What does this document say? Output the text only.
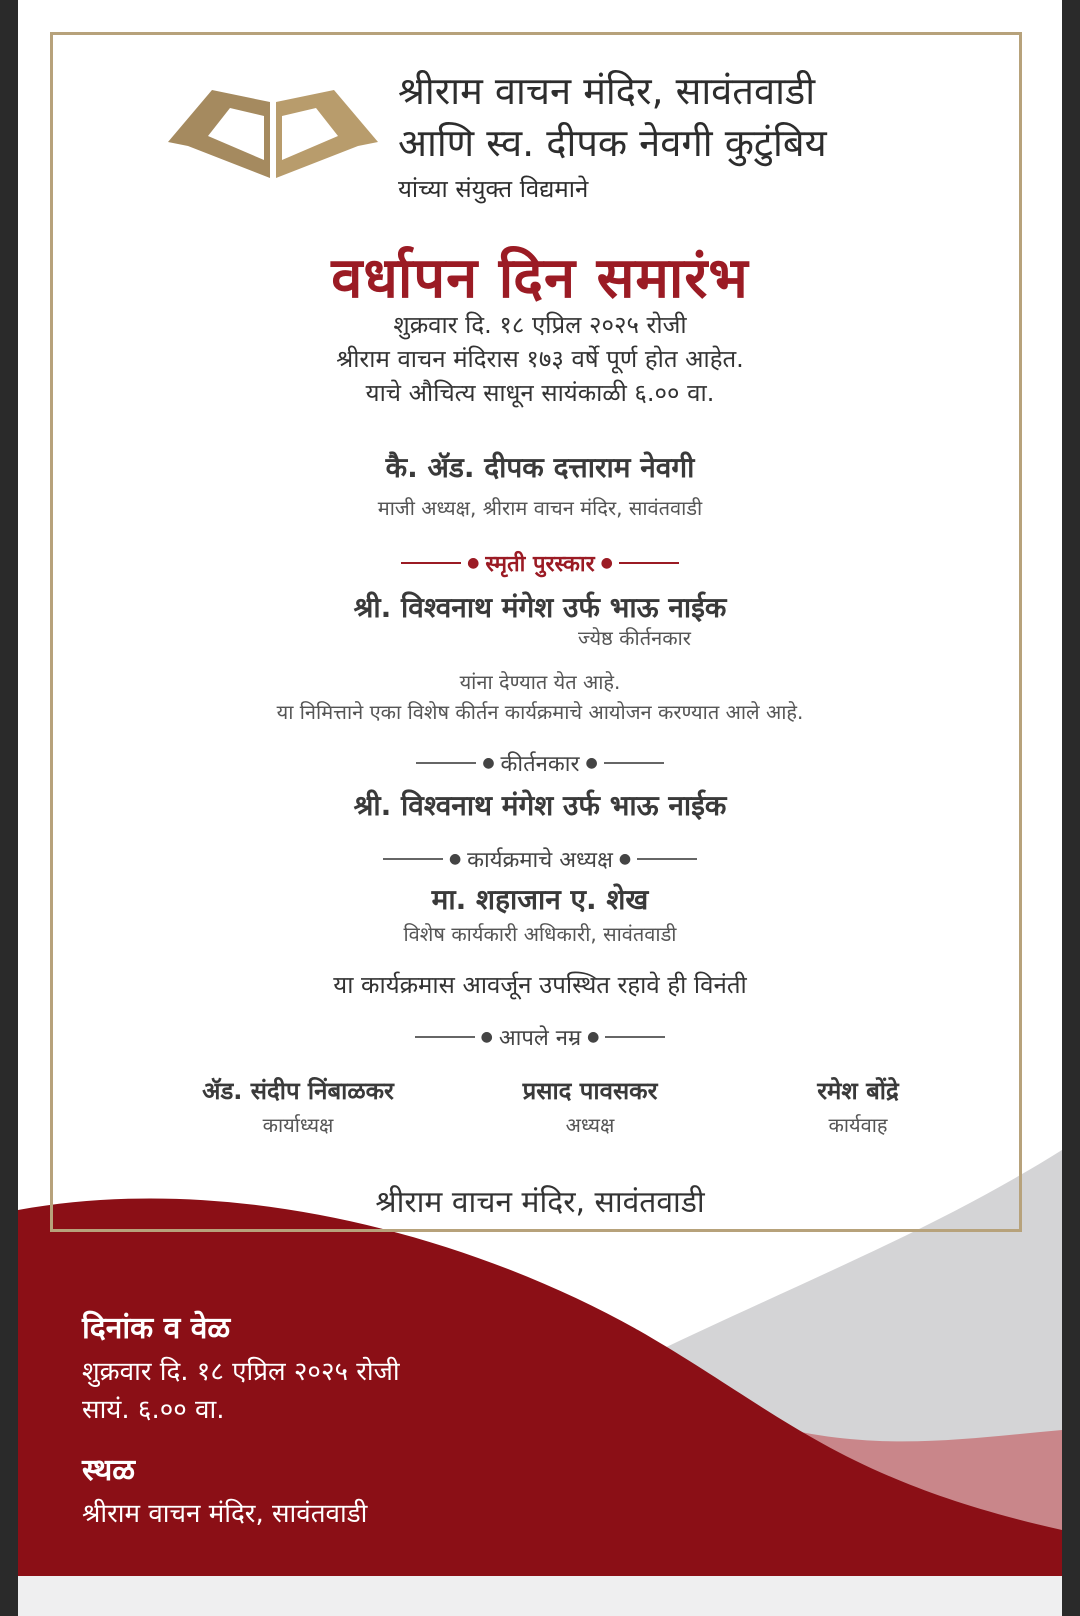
श्रीराम वाचन मंदिर, सावंतवाडी
आणि स्व. दीपक नेवगी कुटुंबिय
यांच्या संयुक्त विद्यमाने
वर्धापन दिन समारंभ
शुक्रवार दि. १८ एप्रिल २०२५ रोजी
श्रीराम वाचन मंदिरास १७३ वर्षे पूर्ण होत आहेत.
याचे औचित्य साधून सायंकाळी ६.०० वा.
कै. ॲड. दीपक दत्ताराम नेवगी
माजी अध्यक्ष, श्रीराम वाचन मंदिर, सावंतवाडी
● स्मृती पुरस्कार ●
श्री. विश्वनाथ मंगेश उर्फ भाऊ नाईक
ज्येष्ठ कीर्तनकार
यांना देण्यात येत आहे.
या निमित्ताने एका विशेष कीर्तन कार्यक्रमाचे आयोजन करण्यात आले आहे.
● कीर्तनकार ●
श्री. विश्वनाथ मंगेश उर्फ भाऊ नाईक
● कार्यक्रमाचे अध्यक्ष ●
मा. शहाजान ए. शेख
विशेष कार्यकारी अधिकारी, सावंतवाडी
या कार्यक्रमास आवर्जून उपस्थित रहावे ही विनंती
● आपले नम्र ●
ॲड. संदीप निंबाळकर
कार्याध्यक्ष
प्रसाद पावसकर
अध्यक्ष
रमेश बोंद्रे
कार्यवाह
श्रीराम वाचन मंदिर, सावंतवाडी
दिनांक व वेळ
शुक्रवार दि. १८ एप्रिल २०२५ रोजी
सायं. ६.०० वा.
स्थळ
श्रीराम वाचन मंदिर, सावंतवाडी
